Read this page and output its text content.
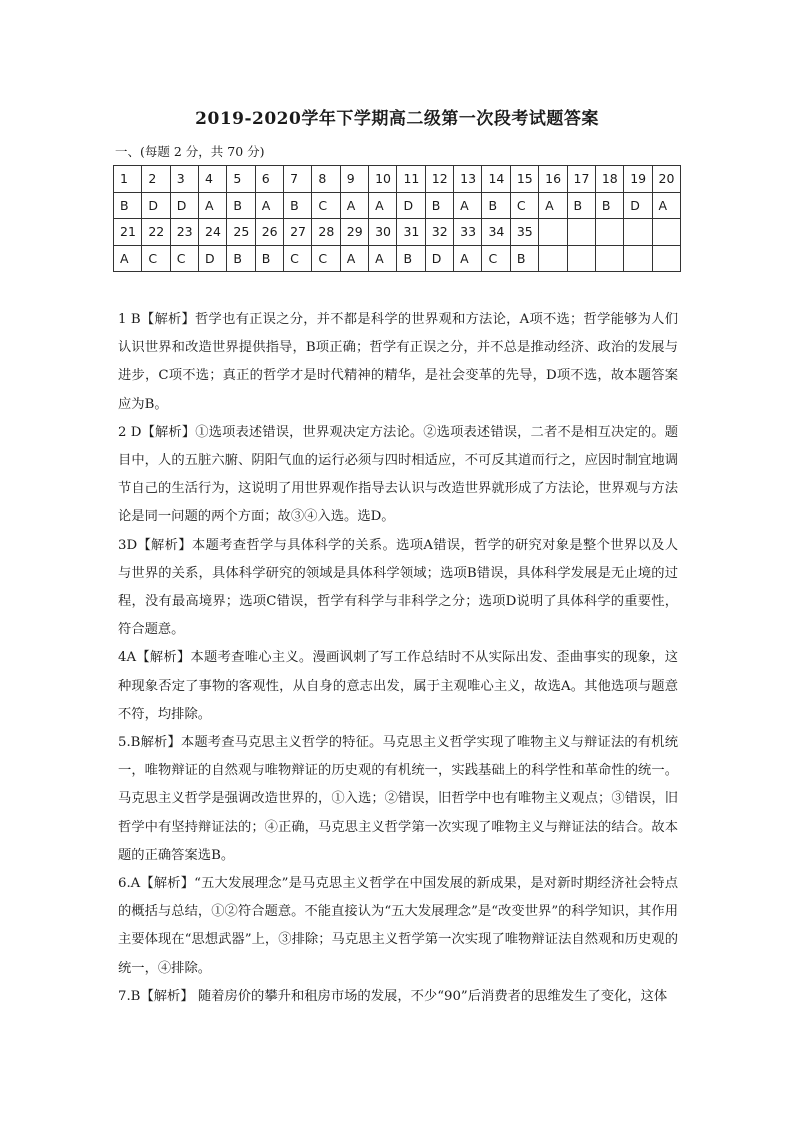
2019-2020学年下学期高二级第一次段考试题答案
一、(每题 2 分，共 70 分)
1	2	3	4	5	6	7	8	9	10	11	12	13	14	15	16	17	18	19	20
B	D	D	A	B	A	B	C	A	A	D	B	A	B	C	A	B	B	D	A
21	22	23	24	25	26	27	28	29	30	31	32	33	34	35					
A	C	C	D	B	B	C	C	A	A	B	D	A	C	B					

1 B【解析】哲学也有正误之分，并不都是科学的世界观和方法论，A项不选；哲学能够为人们认识世界和改造世界提供指导，B项正确；哲学有正误之分，并不总是推动经济、政治的发展与进步，C项不选；真正的哲学才是时代精神的精华，是社会变革的先导，D项不选，故本题答案应为B。

2 D【解析】①选项表述错误，世界观决定方法论。②选项表述错误，二者不是相互决定的。题目中，人的五脏六腑、阴阳气血的运行必须与四时相适应，不可反其道而行之，应因时制宜地调节自己的生活行为，这说明了用世界观作指导去认识与改造世界就形成了方法论，世界观与方法论是同一问题的两个方面；故③④入选。选D。

3D【解析】本题考查哲学与具体科学的关系。选项A错误，哲学的研究对象是整个世界以及人与世界的关系，具体科学研究的领域是具体科学领域；选项B错误，具体科学发展是无止境的过程，没有最高境界；选项C错误，哲学有科学与非科学之分；选项D说明了具体科学的重要性，符合题意。

4A【解析】本题考查唯心主义。漫画讽刺了写工作总结时不从实际出发、歪曲事实的现象，这种现象否定了事物的客观性，从自身的意志出发，属于主观唯心主义，故选A。其他选项与题意不符，均排除。

5.B解析】本题考查马克思主义哲学的特征。马克思主义哲学实现了唯物主义与辩证法的有机统一，唯物辩证的自然观与唯物辩证的历史观的有机统一，实践基础上的科学性和革命性的统一。马克思主义哲学是强调改造世界的，①入选；②错误，旧哲学中也有唯物主义观点；③错误，旧哲学中有坚持辩证法的；④正确，马克思主义哲学第一次实现了唯物主义与辩证法的结合。故本题的正确答案选B。

6.A【解析】“五大发展理念”是马克思主义哲学在中国发展的新成果，是对新时期经济社会特点的概括与总结，①②符合题意。不能直接认为“五大发展理念”是“改变世界”的科学知识，其作用主要体现在“思想武器”上，③排除；马克思主义哲学第一次实现了唯物辩证法自然观和历史观的统一，④排除。

7.B【解析】 随着房价的攀升和租房市场的发展，不少“90”后消费者的思维发生了变化，这体
